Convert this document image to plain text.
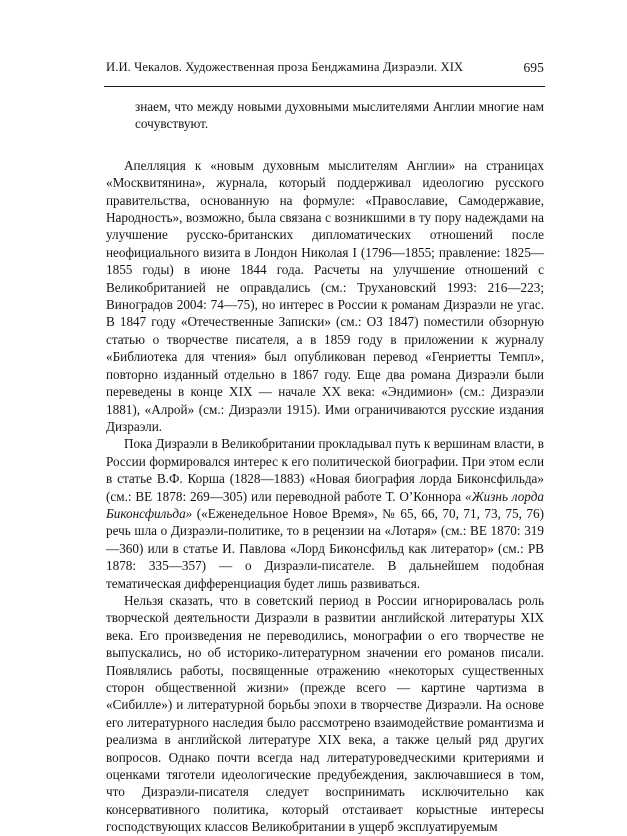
И.И. Чекалов. Художественная проза Бенджамина Дизраэли. XIX	695

знаем, что между новыми духовными мыслителями Англии многие нам сочувствуют.

Апелляция к «новым духовным мыслителям Англии» на страницах «Москвитянина», журнала, который поддерживал идеологию русского правительства, основанную на формуле: «Православие, Самодержавие, Народность», возможно, была связана с возникшими в ту пору надеждами на улучшение русско-британских дипломатических отношений после неофициального визита в Лондон Николая I (1796—1855; правление: 1825—1855 годы) в июне 1844 года. Расчеты на улучшение отношений с Великобританией не оправдались (см.: Трухановский 1993: 216—223; Виноградов 2004: 74—75), но интерес в России к романам Дизраэли не угас. В 1847 году «Отечественные Записки» (см.: ОЗ 1847) поместили обзорную статью о творчестве писателя, а в 1859 году в приложении к журналу «Библиотека для чтения» был опубликован перевод «Генриетты Темпл», повторно изданный отдельно в 1867 году. Еще два романа Дизраэли были переведены в конце XIX — начале XX века: «Эндимион» (см.: Дизраэли 1881), «Алрой» (см.: Дизраэли 1915). Ими ограничиваются русские издания Дизраэли.

Пока Дизраэли в Великобритании прокладывал путь к вершинам власти, в России формировался интерес к его политической биографии. При этом если в статье В.Ф. Корша (1828—1883) «Новая биография лорда Биконсфильда» (см.: ВЕ 1878: 269—305) или переводной работе Т. О’Коннора «Жизнь лорда Биконсфильда» («Еженедельное Новое Время», № 65, 66, 70, 71, 73, 75, 76) речь шла о Дизраэли-политике, то в рецензии на «Лотаря» (см.: ВЕ 1870: 319—360) или в статье И. Павлова «Лорд Биконсфильд как литератор» (см.: РВ 1878: 335—357) — о Дизраэли-писателе. В дальнейшем подобная тематическая дифференциация будет лишь развиваться.

Нельзя сказать, что в советский период в России игнорировалась роль творческой деятельности Дизраэли в развитии английской литературы XIX века. Его произведения не переводились, монографии о его творчестве не выпускались, но об историко-литературном значении его романов писали. Появлялись работы, посвященные отражению «некоторых существенных сторон общественной жизни» (прежде всего — картине чартизма в «Сибилле») и литературной борьбы эпохи в творчестве Дизраэли. На основе его литературного наследия было рассмотрено взаимодействие романтизма и реализма в английской литературе XIX века, а также целый ряд других вопросов. Однако почти всегда над литературоведческими критериями и оценками тяготели идеологические предубеждения, заключавшиеся в том, что Дизраэли-писателя следует воспринимать исключительно как консервативного политика, который отстаивает корыстные интересы господствующих классов Великобритании в ущерб эксплуатируемым
